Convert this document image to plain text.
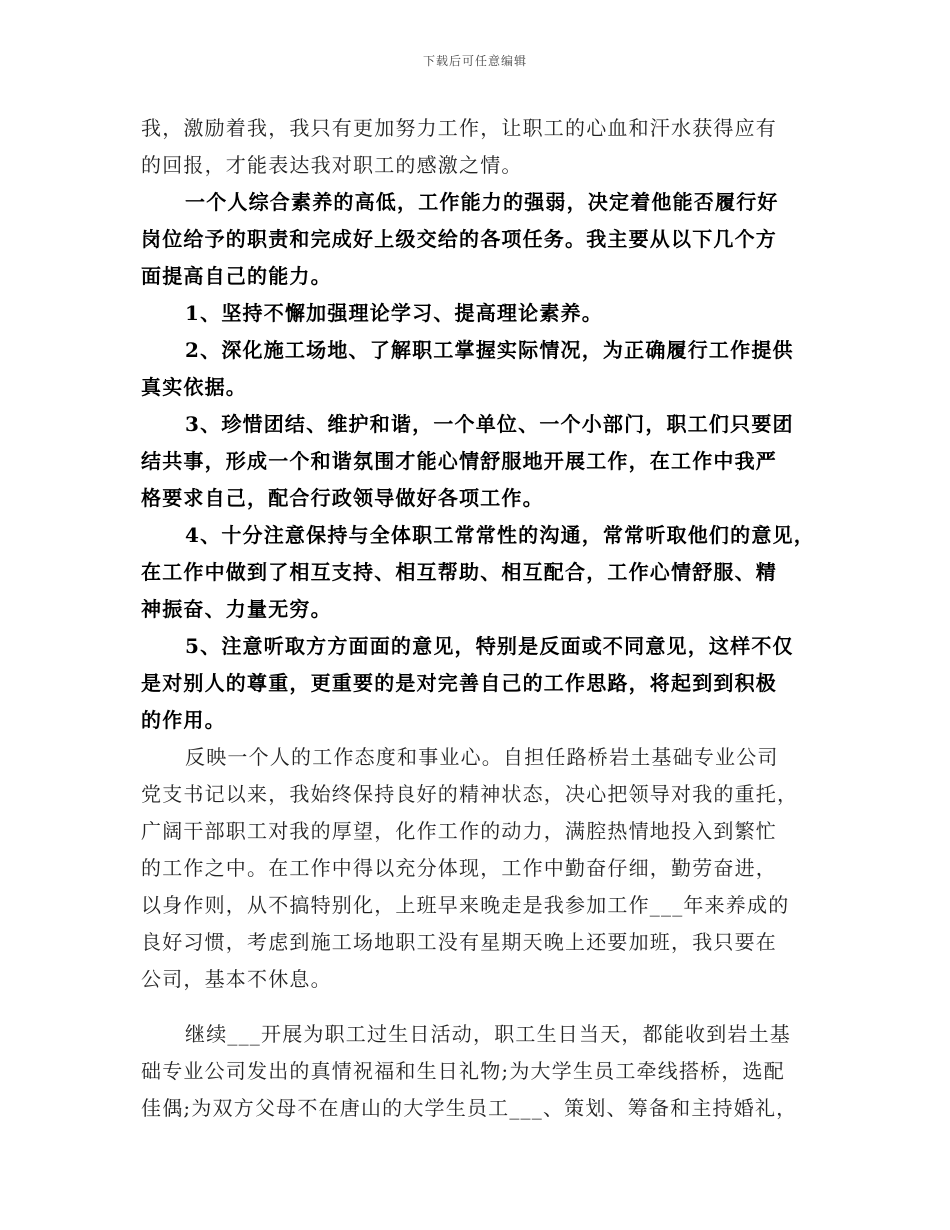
下载后可任意编辑
我，激励着我，我只有更加努力工作，让职工的心血和汗水获得应有
的回报，才能表达我对职工的感激之情。
一个人综合素养的高低，工作能力的强弱，决定着他能否履行好
岗位给予的职责和完成好上级交给的各项任务。我主要从以下几个方
面提高自己的能力。
1、坚持不懈加强理论学习、提高理论素养。
2、深化施工场地、了解职工掌握实际情况，为正确履行工作提供
真实依据。
3、珍惜团结、维护和谐，一个单位、一个小部门，职工们只要团
结共事，形成一个和谐氛围才能心情舒服地开展工作，在工作中我严
格要求自己，配合行政领导做好各项工作。
4、十分注意保持与全体职工常常性的沟通，常常听取他们的意见，
在工作中做到了相互支持、相互帮助、相互配合，工作心情舒服、精
神振奋、力量无穷。
5、注意听取方方面面的意见，特别是反面或不同意见，这样不仅
是对别人的尊重，更重要的是对完善自己的工作思路，将起到到积极
的作用。
反映一个人的工作态度和事业心。自担任路桥岩土基础专业公司
党支书记以来，我始终保持良好的精神状态，决心把领导对我的重托，
广阔干部职工对我的厚望，化作工作的动力，满腔热情地投入到繁忙
的工作之中。在工作中得以充分体现，工作中勤奋仔细，勤劳奋进，
以身作则，从不搞特别化，上班早来晚走是我参加工作___年来养成的
良好习惯，考虑到施工场地职工没有星期天晚上还要加班，我只要在
公司，基本不休息。
继续___开展为职工过生日活动，职工生日当天，都能收到岩土基
础专业公司发出的真情祝福和生日礼物;为大学生员工牵线搭桥，选配
佳偶;为双方父母不在唐山的大学生员工___、策划、筹备和主持婚礼，
